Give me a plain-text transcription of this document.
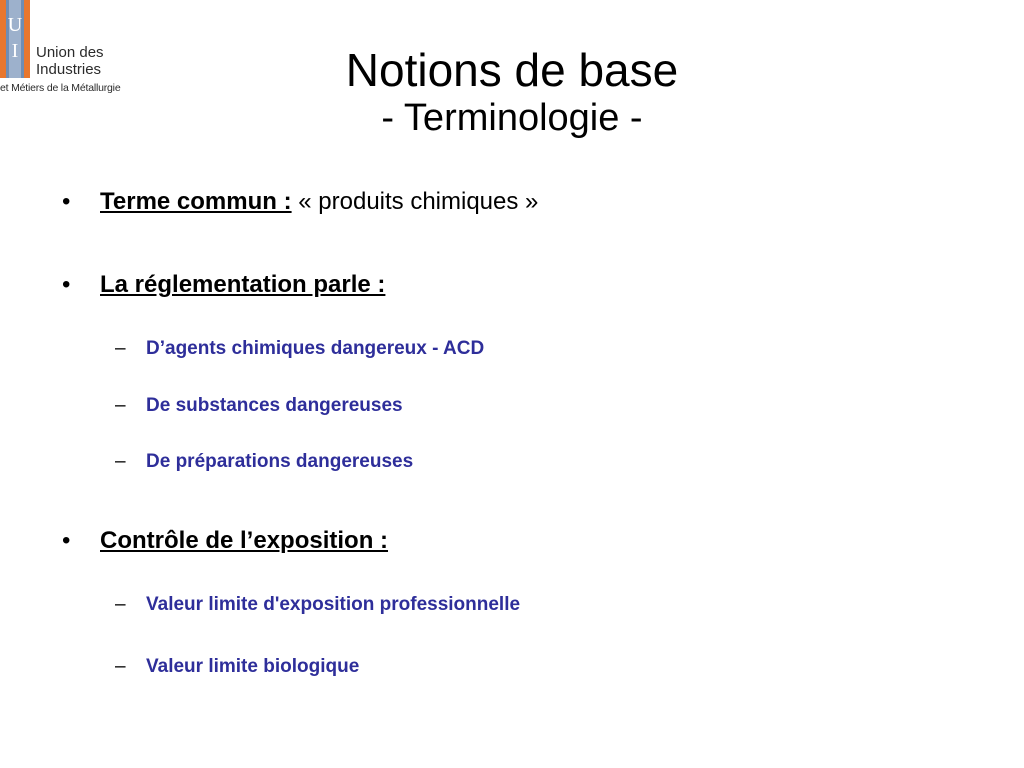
U
I Union des
Industries
et Métiers de la Métallurgie	Notions de base
- Terminologie -
• Terme commun : « produits chimiques »
• La réglementation parle :
– D’agents chimiques dangereux - ACD
– De substances dangereuses
– De préparations dangereuses
• Contrôle de l’exposition :
– Valeur limite d'exposition professionnelle
– Valeur limite biologique
